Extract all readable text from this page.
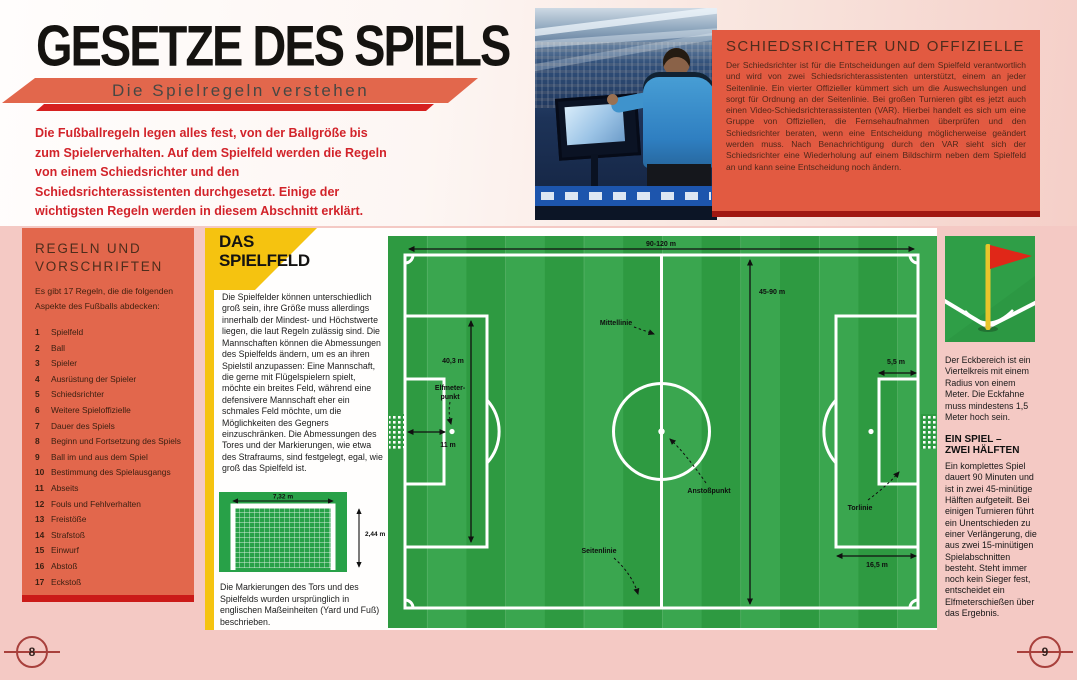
GESETZE DES SPIELS
Die Spielregeln verstehen
Die Fußballregeln legen alles fest, von der Ballgröße bis zum Spielerverhalten. Auf dem Spielfeld werden die Regeln von einem Schiedsrichter und den Schiedsrichterassistenten durchgesetzt. Einige der wichtigsten Regeln werden in diesem Abschnitt erklärt.
SCHIEDSRICHTER UND OFFIZIELLE

Der Schiedsrichter ist für die Entscheidungen auf dem Spielfeld verantwortlich und wird von zwei Schiedsrichterassistenten unterstützt, einem an jeder Seitenlinie. Ein vierter Offizieller kümmert sich um die Auswechslungen und sorgt für Ordnung an der Seitenlinie. Bei großen Turnieren gibt es jetzt auch einen Video-Schiedsrichterassistenten (VAR). Hierbei handelt es sich um eine Gruppe von Offiziellen, die Fernsehaufnahmen überprüfen und den Schiedsrichter beraten, wenn eine Entscheidung möglicherweise geändert werden muss. Nach Benachrichtigung durch den VAR sieht sich der Schiedsrichter eine Wiederholung auf einem Bildschirm neben dem Spielfeld an und kann seine Entscheidung noch ändern.

REGELN UND
VORSCHRIFTEN

Es gibt 17 Regeln, die die folgenden Aspekte des Fußballs abdecken:

1	Spielfeld
2	Ball
3	Spieler
4	Ausrüstung der Spieler
5	Schiedsrichter
6	Weitere Spieloffizielle
7	Dauer des Spiels
8	Beginn und Fortsetzung des Spiels
9	Ball im und aus dem Spiel
10 Bestimmung des Spielausgangs
11 Abseits
12 Fouls und Fehlverhalten
13 Freistöße
14 Strafstoß
15 Einwurf
16 Abstoß
17 Eckstoß
DAS
SPIELFELD
Die Spielfelder können unterschiedlich groß sein, ihre Größe muss allerdings innerhalb der Mindest- und Höchstwerte liegen, die laut Regeln zulässig sind. Die Mannschaften können die Abmessungen des Spielfelds ändern, um es an ihren Spielstil anzupassen: Eine Mannschaft, die gerne mit Flügelspielern spielt, möchte ein breites Feld, während eine defensivere Mannschaft eher ein schmales Feld möchte, um die Möglichkeiten des Gegners einzuschränken. Die Abmessungen des Tores und der Markierungen, wie etwa des Strafraums, sind festgelegt, egal, wie groß das Spielfeld ist.
7,32 m
2,44 m
Die Markierungen des Tors und des Spielfelds wurden ursprünglich in englischen Maßeinheiten (Yard und Fuß) beschrieben.
90-120 m
45-90 m
40,3 m
Elfmeter-
punkt
11 m
Mittellinie
Anstoßpunkt
5,5 m
Torlinie
16,5 m
Seitenlinie
Der Eckbereich ist ein Viertelkreis mit einem Radius von einem Meter. Die Eckfahne muss mindestens 1,5 Meter hoch sein.
EIN SPIEL –
ZWEI HÄLFTEN
Ein komplettes Spiel dauert 90 Minuten und ist in zwei 45-minütige Hälften aufgeteilt. Bei einigen Turnieren führt ein Unentschieden zu einer Verlängerung, die aus zwei 15-minütigen Spielabschnitten besteht. Steht immer noch kein Sieger fest, entscheidet ein Elfmeterschießen über das Ergebnis.
8	9
